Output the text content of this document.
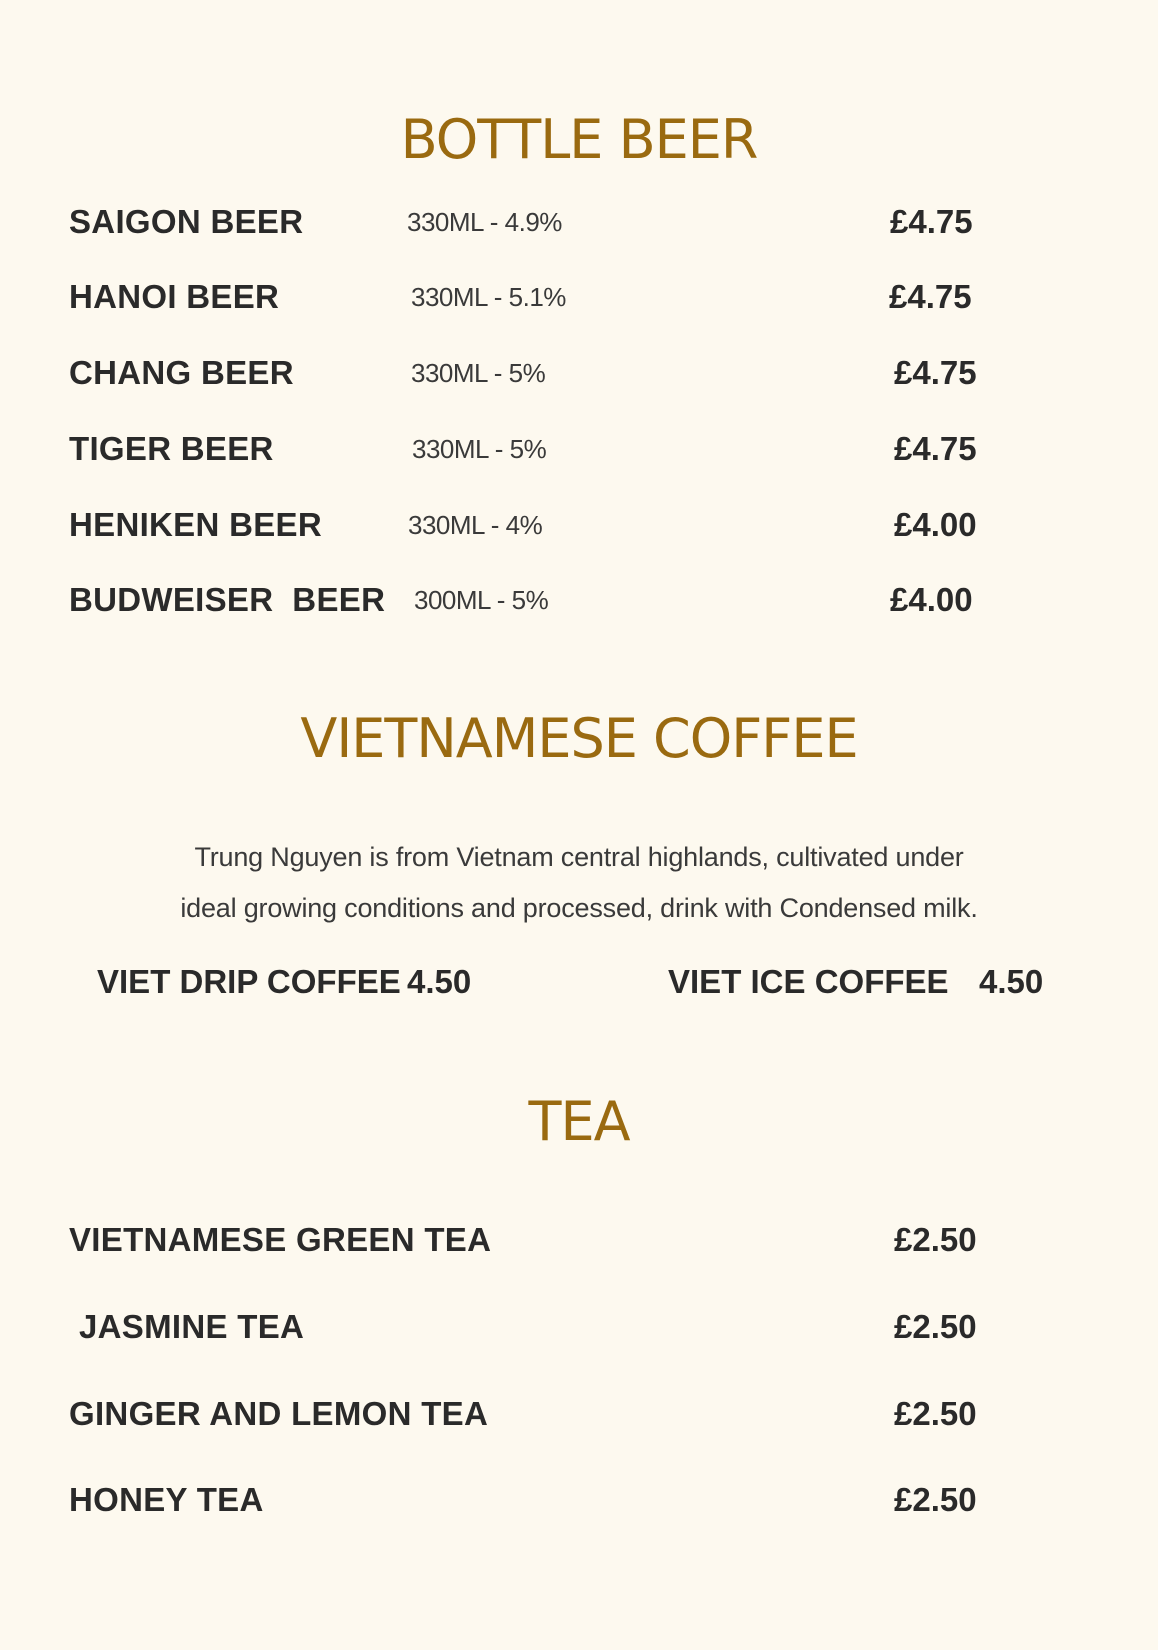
BOTTLE BEER
SAIGON BEER	330ML - 4.9%	£4.75
HANOI BEER	330ML - 5.1%	£4.75
CHANG BEER	330ML - 5%	£4.75
TIGER BEER	330ML - 5%	£4.75
HENIKEN BEER	330ML - 4%	£4.00
BUDWEISER  BEER 300ML - 5%	£4.00
VIETNAMESE COFFEE

Trung Nguyen is from Vietnam central highlands, cultivated under

ideal growing conditions and processed, drink with Condensed milk.

VIET DRIP COFFEE 4.50	VIET ICE COFFEE 4.50
TEA
VIETNAMESE GREEN TEA	£2.50
JASMINE TEA	£2.50
GINGER AND LEMON TEA	£2.50
HONEY TEA	£2.50
